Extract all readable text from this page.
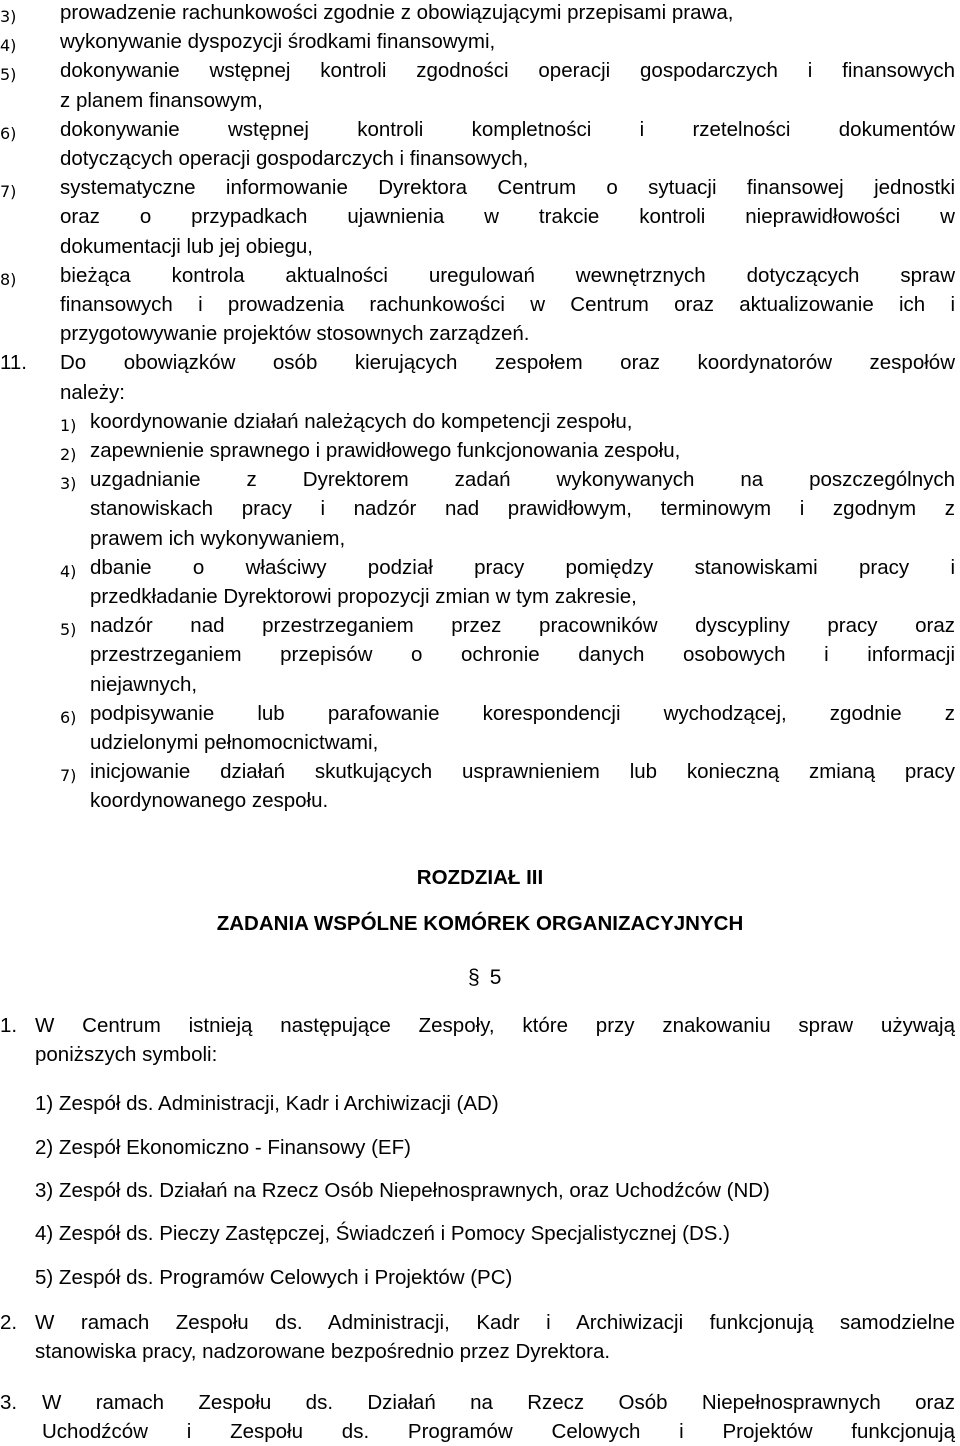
3) prowadzenie rachunkowości zgodnie z obowiązującymi przepisami prawa,
4) wykonywanie dyspozycji środkami finansowymi,
5) dokonywanie wstępnej kontroli zgodności operacji gospodarczych i finansowych
z planem finansowym,
6) dokonywanie wstępnej kontroli kompletności i rzetelności dokumentów
dotyczących operacji gospodarczych i finansowych,
7) systematyczne informowanie Dyrektora Centrum o sytuacji finansowej jednostki
oraz o przypadkach ujawnienia w trakcie kontroli nieprawidłowości w
dokumentacji lub jej obiegu,
8) bieżąca kontrola aktualności uregulowań wewnętrznych dotyczących spraw
finansowych i prowadzenia rachunkowości w Centrum oraz aktualizowanie ich i
przygotowywanie projektów stosownych zarządzeń.
11. Do obowiązków osób kierujących zespołem oraz koordynatorów zespołów
należy:
1) koordynowanie działań należących do kompetencji zespołu,
2) zapewnienie sprawnego i prawidłowego funkcjonowania zespołu,
3) uzgadnianie z Dyrektorem zadań wykonywanych na poszczególnych
stanowiskach pracy i nadzór nad prawidłowym, terminowym i zgodnym z
prawem ich wykonywaniem,
4) dbanie o właściwy podział pracy pomiędzy stanowiskami pracy i
przedkładanie Dyrektorowi propozycji zmian w tym zakresie,
5) nadzór nad przestrzeganiem przez pracowników dyscypliny pracy oraz
przestrzeganiem przepisów o ochronie danych osobowych i informacji
niejawnych,
6) podpisywanie lub parafowanie korespondencji wychodzącej, zgodnie z
udzielonymi pełnomocnictwami,
7) inicjowanie działań skutkujących usprawnieniem lub konieczną zmianą pracy
koordynowanego zespołu.
ROZDZIAŁ III
ZADANIA WSPÓLNE KOMÓREK ORGANIZACYJNYCH
§ 5
1. W Centrum istnieją następujące Zespoły, które przy znakowaniu spraw używają
poniższych symboli:
1) Zespół ds. Administracji, Kadr i Archiwizacji (AD)
2) Zespół Ekonomiczno - Finansowy (EF)
3) Zespół ds. Działań na Rzecz Osób Niepełnosprawnych, oraz Uchodźców (ND)
4) Zespół ds. Pieczy Zastępczej, Świadczeń i Pomocy Specjalistycznej (DS.)
5) Zespół ds. Programów Celowych i Projektów (PC)
2. W ramach Zespołu ds. Administracji, Kadr i Archiwizacji funkcjonują samodzielne
stanowiska pracy, nadzorowane bezpośrednio przez Dyrektora.
3. W ramach Zespołu ds. Działań na Rzecz Osób Niepełnosprawnych oraz
Uchodźców i Zespołu ds. Programów Celowych i Projektów funkcjonują
